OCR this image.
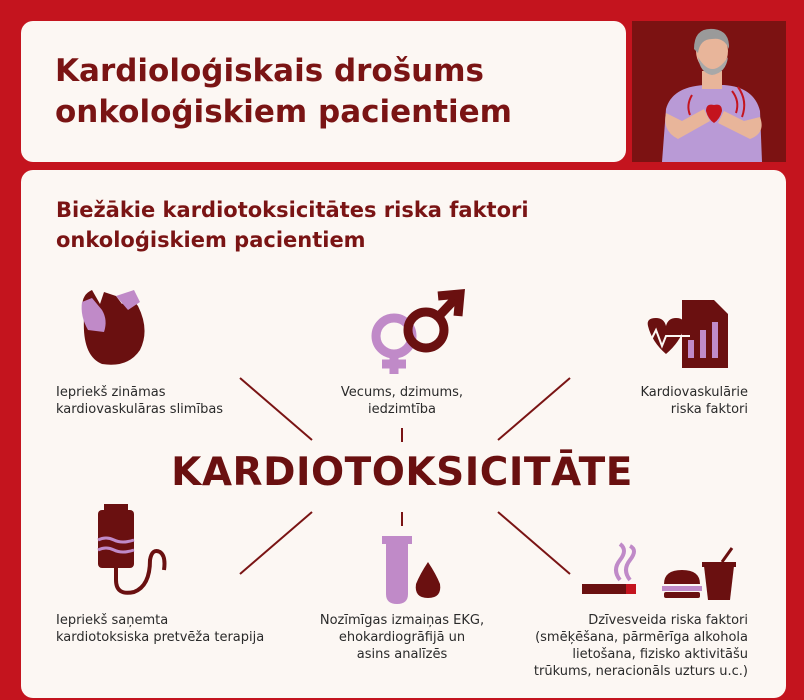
Kardioloģiskais drošums onkoloģiskiem pacientiem
Biežākie kardiotoksicitātes riska faktori onkoloģiskiem pacientiem
KARDIOTOKSICITĀTE
Iepriekš zināmas
kardiovaskulāras slimības
Vecums, dzimums,
iedzimtība
Kardiovaskulārie
riska faktori
Iepriekš saņemta
kardiotoksiska pretvēža terapija
Nozīmīgas izmaiņas EKG,
ehokardiogrāfijā un
asins analīzēs
Dzīvesveida riska faktori
(smēķēšana, pārmērīga alkohola
lietošana, fizisko aktivitāšu
trūkums, neracionāls uzturs u.c.)
